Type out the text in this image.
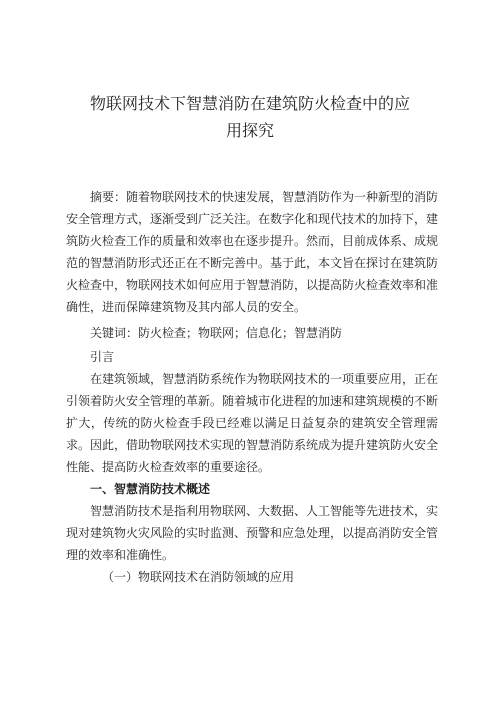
物联网技术下智慧消防在建筑防火检查中的应
用探究

摘要：随着物联网技术的快速发展，智慧消防作为一种新型的消防安全管理方式，逐渐受到广泛关注。在数字化和现代技术的加持下，建筑防火检查工作的质量和效率也在逐步提升。然而，目前成体系、成规范的智慧消防形式还正在不断完善中。基于此，本文旨在探讨在建筑防火检查中，物联网技术如何应用于智慧消防，以提高防火检查效率和准确性，进而保障建筑物及其内部人员的安全。

关键词：防火检查；物联网；信息化；智慧消防

引言

在建筑领域，智慧消防系统作为物联网技术的一项重要应用，正在引领着防火安全管理的革新。随着城市化进程的加速和建筑规模的不断扩大，传统的防火检查手段已经难以满足日益复杂的建筑安全管理需求。因此，借助物联网技术实现的智慧消防系统成为提升建筑防火安全性能、提高防火检查效率的重要途径。

一、智慧消防技术概述

智慧消防技术是指利用物联网、大数据、人工智能等先进技术，实现对建筑物火灾风险的实时监测、预警和应急处理，以提高消防安全管理的效率和准确性。

（一）物联网技术在消防领域的应用
